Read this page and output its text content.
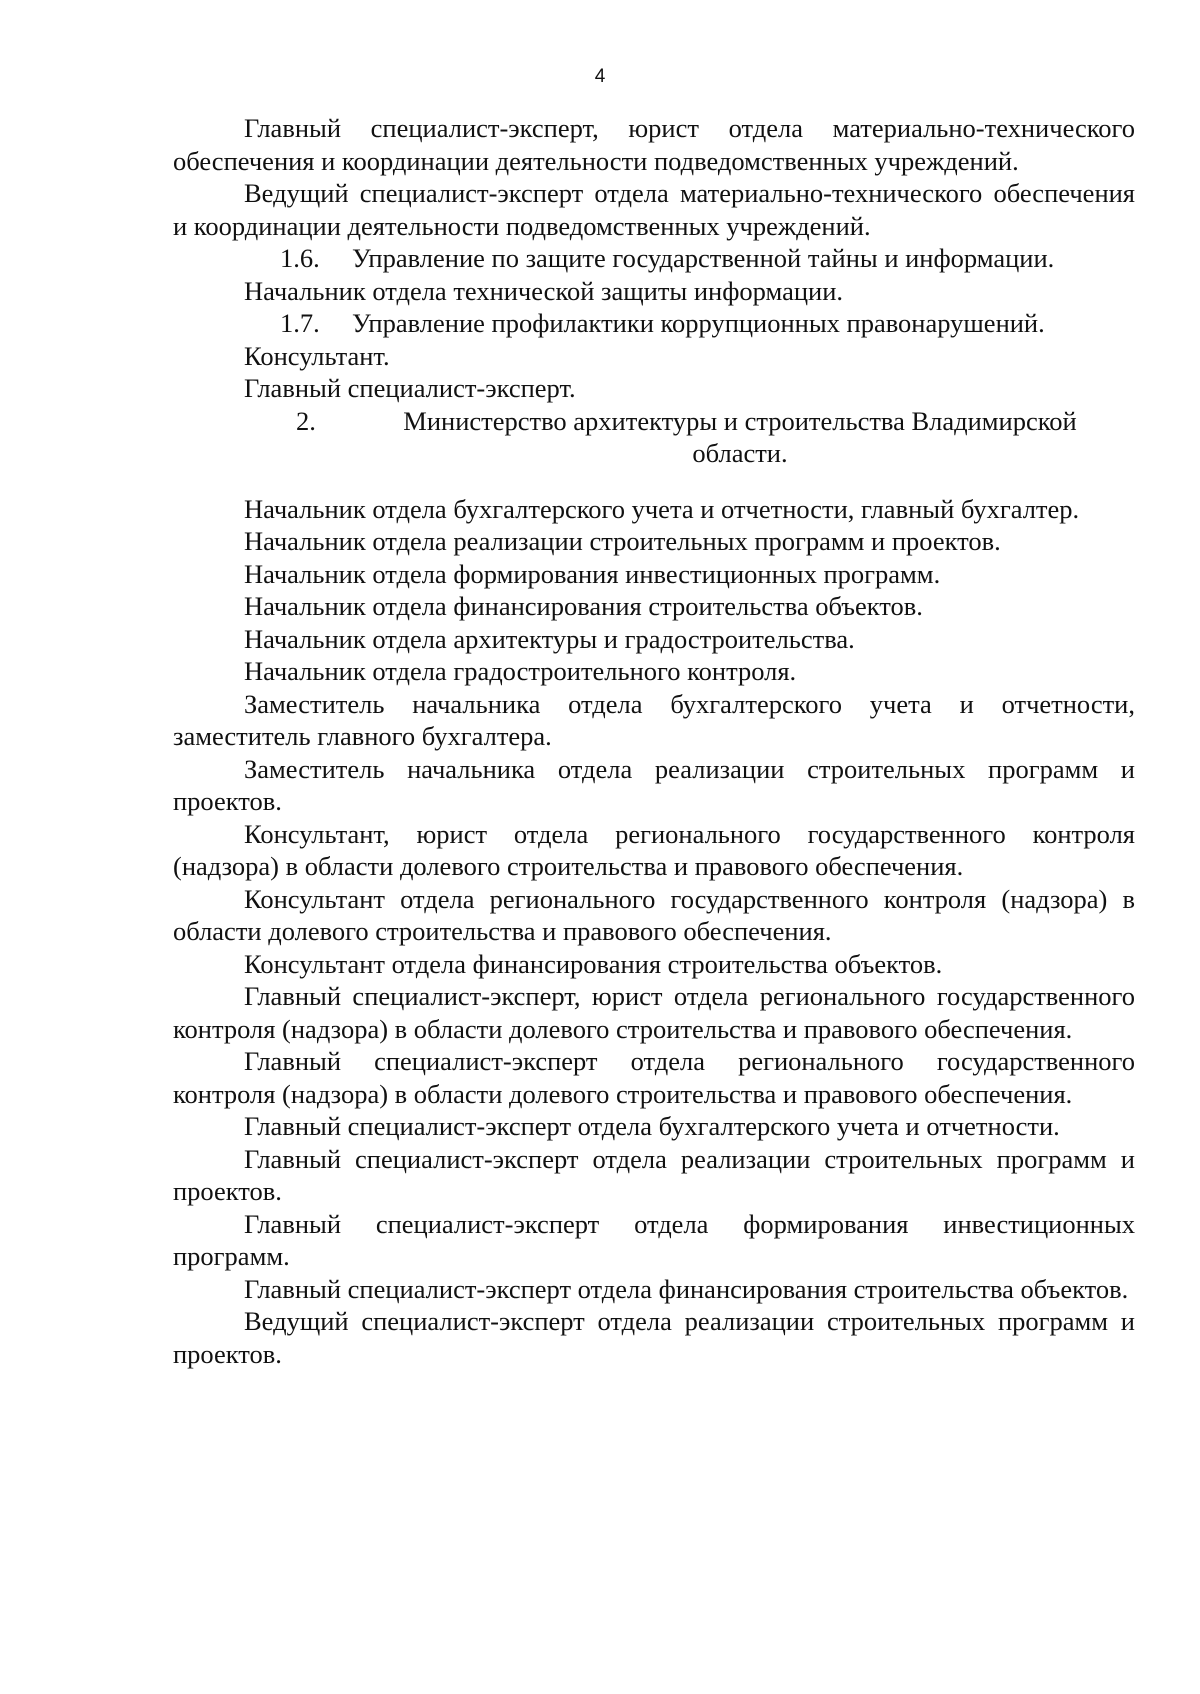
4

Главный специалист-эксперт, юрист отдела материально-технического обеспечения и координации деятельности подведомственных учреждений.

Ведущий специалист-эксперт отдела материально-технического обеспечения и координации деятельности подведомственных учреждений.

1.6.	Управление по защите государственной тайны и информации.

Начальник отдела технической защиты информации.

1.7.	Управление профилактики коррупционных правонарушений.

Консультант.

Главный специалист-эксперт.

2.	Министерство архитектуры и строительства Владимирской области.

Начальник отдела бухгалтерского учета и отчетности, главный бухгалтер.

Начальник отдела реализации строительных программ и проектов.

Начальник отдела формирования инвестиционных программ.

Начальник отдела финансирования строительства объектов.

Начальник отдела архитектуры и градостроительства.

Начальник отдела градостроительного контроля.

Заместитель начальника отдела бухгалтерского учета и отчетности, заместитель главного бухгалтера.

Заместитель начальника отдела реализации строительных программ и проектов.

Консультант, юрист отдела регионального государственного контроля (надзора) в области долевого строительства и правового обеспечения.

Консультант отдела регионального государственного контроля (надзора) в области долевого строительства и правового обеспечения.

Консультант отдела финансирования строительства объектов.

Главный специалист-эксперт, юрист отдела регионального государственного контроля (надзора) в области долевого строительства и правового обеспечения.

Главный специалист-эксперт отдела регионального государственного контроля (надзора) в области долевого строительства и правового обеспечения.

Главный специалист-эксперт отдела бухгалтерского учета и отчетности.

Главный специалист-эксперт отдела реализации строительных программ и проектов.

Главный специалист-эксперт отдела формирования инвестиционных программ.

Главный специалист-эксперт отдела финансирования строительства объектов.

Ведущий специалист-эксперт отдела реализации строительных программ и проектов.
